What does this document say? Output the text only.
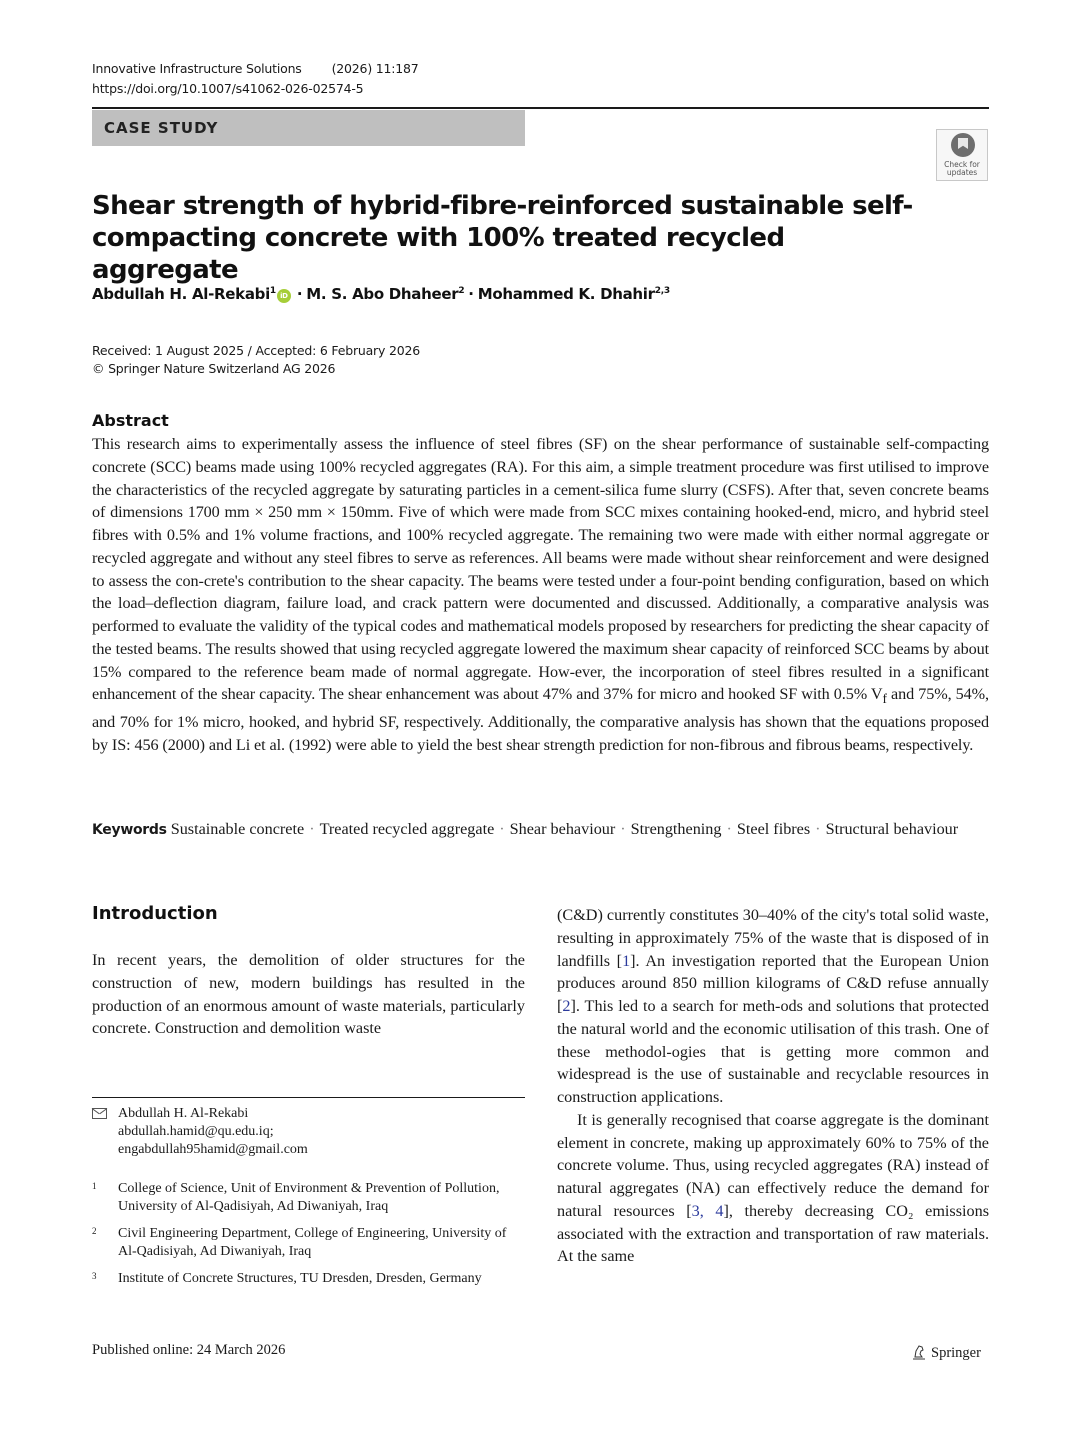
Innovative Infrastructure Solutions (2026) 11:187
https://doi.org/10.1007/s41062-026-02574-5
CASE STUDY
Check for updates
Shear strength of hybrid-fibre-reinforced sustainable self-compacting concrete with 100% treated recycled aggregate
Abdullah H. Al-Rekabi$^1$ iD · M. S. Abo Dhaheer$^2$ · Mohammed K. Dhahir$^{2,3}$
Received: 1 August 2025 / Accepted: 6 February 2026
© Springer Nature Switzerland AG 2026
Abstract
This research aims to experimentally assess the influence of steel fibres (SF) on the shear performance of sustainable self-compacting concrete (SCC) beams made using 100% recycled aggregates (RA). For this aim, a simple treatment procedure was first utilised to improve the characteristics of the recycled aggregate by saturating particles in a cement-silica fume slurry (CSFS). After that, seven concrete beams of dimensions 1700 mm × 250 mm × 150mm. Five of which were made from SCC mixes containing hooked-end, micro, and hybrid steel fibres with 0.5% and 1% volume fractions, and 100% recycled aggregate. The remaining two were made with either normal aggregate or recycled aggregate and without any steel fibres to serve as references. All beams were made without shear reinforcement and were designed to assess the con-crete's contribution to the shear capacity. The beams were tested under a four-point bending configuration, based on which the load–deflection diagram, failure load, and crack pattern were documented and discussed. Additionally, a comparative analysis was performed to evaluate the validity of the typical codes and mathematical models proposed by researchers for predicting the shear capacity of the tested beams. The results showed that using recycled aggregate lowered the maximum shear capacity of reinforced SCC beams by about 15% compared to the reference beam made of normal aggregate. How-ever, the incorporation of steel fibres resulted in a significant enhancement of the shear capacity. The shear enhancement was about 47% and 37% for micro and hooked SF with 0.5% $V_f$ and 75%, 54%, and 70% for 1% micro, hooked, and hybrid SF, respectively. Additionally, the comparative analysis has shown that the equations proposed by IS: 456 (2000) and Li et al. (1992) were able to yield the best shear strength prediction for non-fibrous and fibrous beams, respectively.
Keywords Sustainable concrete · Treated recycled aggregate · Shear behaviour · Strengthening · Steel fibres · Structural behaviour
Introduction
In recent years, the demolition of older structures for the construction of new, modern buildings has resulted in the production of an enormous amount of waste materials, particularly concrete. Construction and demolition waste

(C&D) currently constitutes 30–40% of the city's total solid waste, resulting in approximately 75% of the waste that is disposed of in landfills [1]. An investigation reported that the European Union produces around 850 million kilograms of C&D refuse annually [2]. This led to a search for meth-ods and solutions that protected the natural world and the economic utilisation of this trash. One of these methodol-ogies that is getting more common and widespread is the use of sustainable and recyclable resources in construction applications.

It is generally recognised that coarse aggregate is the dominant element in concrete, making up approximately 60% to 75% of the concrete volume. Thus, using recycled aggregates (RA) instead of natural aggregates (NA) can effectively reduce the demand for natural resources [3, 4], thereby decreasing CO₂ emissions associated with the extraction and transportation of raw materials. At the same

Abdullah H. Al-Rekabi
abdullah.hamid@qu.edu.iq;
engabdullah95hamid@gmail.com
1 College of Science, Unit of Environment & Prevention of Pollution, University of Al-Qadisiyah, Ad Diwaniyah, Iraq
2 Civil Engineering Department, College of Engineering, University of Al-Qadisiyah, Ad Diwaniyah, Iraq
3 Institute of Concrete Structures, TU Dresden, Dresden, Germany
Published online: 24 March 2026	Springer
